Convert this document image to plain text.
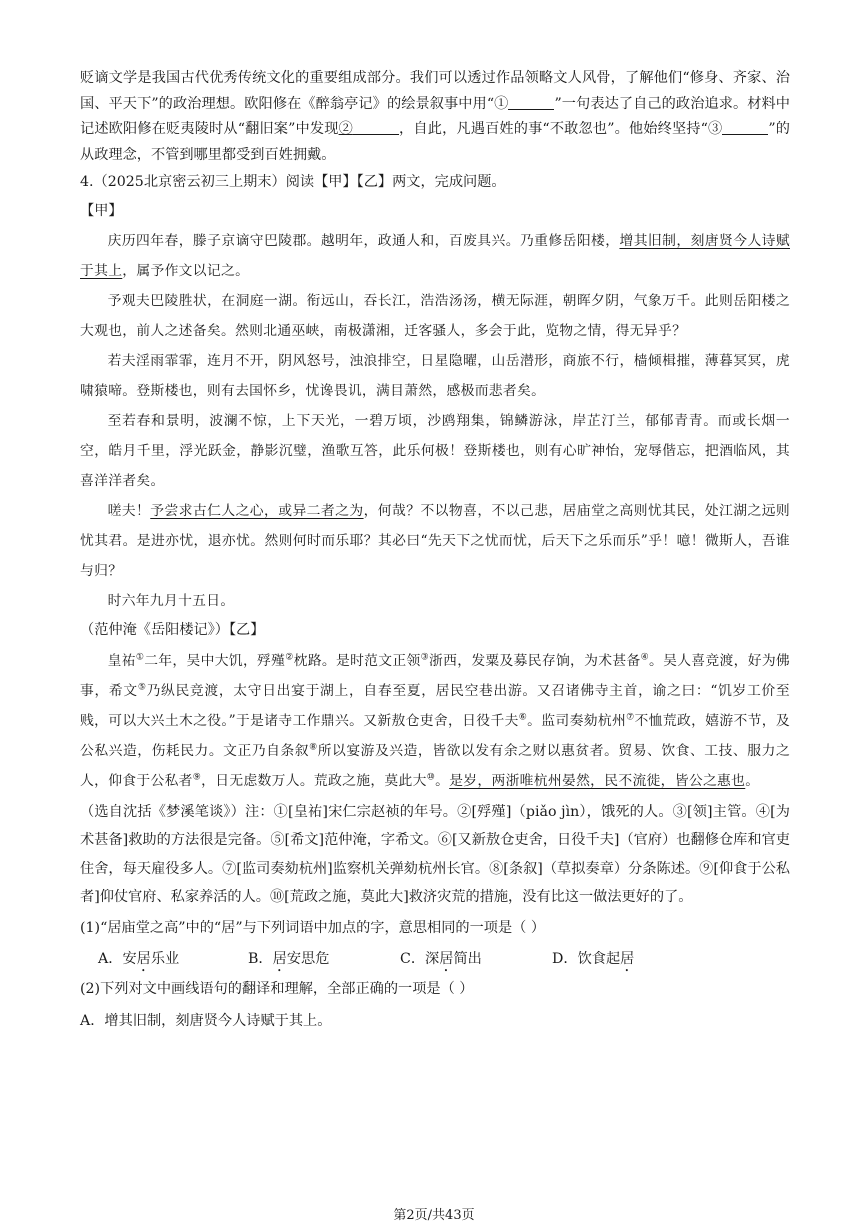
贬谪文学是我国古代优秀传统文化的重要组成部分。我们可以透过作品领略文人风骨，了解他们“修身、齐家、治国、平天下”的政治理想。欧阳修在《醉翁亭记》的绘景叙事中用“①	”一句表达了自己的政治追求。材料中记述欧阳修在贬夷陵时从“翻旧案”中发现②	，自此，凡遇百姓的事“不敢忽也”。他始终坚持“③	”的从政理念，不管到哪里都受到百姓拥戴。

4.（2025北京密云初三上期末）阅读【甲】【乙】两文，完成问题。

【甲】

庆历四年春，滕子京谪守巴陵郡。越明年，政通人和，百废具兴。乃重修岳阳楼，增其旧制，刻唐贤今人诗赋于其上，属予作文以记之。

予观夫巴陵胜状，在洞庭一湖。衔远山，吞长江，浩浩汤汤，横无际涯，朝晖夕阴，气象万千。此则岳阳楼之大观也，前人之述备矣。然则北通巫峡，南极潇湘，迁客骚人，多会于此，览物之情，得无异乎？

若夫淫雨霏霏，连月不开，阴风怒号，浊浪排空，日星隐曜，山岳潜形，商旅不行，樯倾楫摧，薄暮冥冥，虎啸猿啼。登斯楼也，则有去国怀乡，忧谗畏讥，满目萧然，感极而悲者矣。

至若春和景明，波澜不惊，上下天光，一碧万顷，沙鸥翔集，锦鳞游泳，岸芷汀兰，郁郁青青。而或长烟一空，皓月千里，浮光跃金，静影沉璧，渔歌互答，此乐何极！登斯楼也，则有心旷神怡，宠辱偕忘，把酒临风，其喜洋洋者矣。

嗟夫！予尝求古仁人之心，或异二者之为，何哉？不以物喜，不以己悲，居庙堂之高则忧其民，处江湖之远则忧其君。是进亦忧，退亦忧。然则何时而乐耶？其必曰“先天下之忧而忧，后天下之乐而乐”乎！噫！微斯人，吾谁与归？

时六年九月十五日。

（范仲淹《岳阳楼记》）【乙】

皇祐①二年，吴中大饥，殍殣②枕路。是时范文正领③浙西，发粟及募民存饷，为术甚备④。吴人喜竞渡，好为佛事，希文⑤乃纵民竞渡，太守日出宴于湖上，自春至夏，居民空巷出游。又召诸佛寺主首，谕之曰：“饥岁工价至贱，可以大兴土木之役。”于是诸寺工作鼎兴。又新敖仓吏舍，日役千夫⑥。监司奏劾杭州⑦不恤荒政，嬉游不节，及公私兴造，伤耗民力。文正乃自条叙⑧所以宴游及兴造，皆欲以发有余之财以惠贫者。贸易、饮食、工技、服力之人，仰食于公私者⑨，日无虑数万人。荒政之施，莫此大⑩。是岁，两浙唯杭州晏然，民不流徙，皆公之惠也。

（选自沈括《梦溪笔谈》）注：①[皇祐]宋仁宗赵祯的年号。②[殍殣]（piǎo jìn），饿死的人。③[领]主管。④[为术甚备]救助的方法很是完备。⑤[希文]范仲淹，字希文。⑥[又新敖仓吏舍，日役千夫]（官府）也翻修仓库和官吏住舍，每天雇役多人。⑦[监司奏劾杭州]监察机关弹劾杭州长官。⑧[条叙]（草拟奏章）分条陈述。⑨[仰食于公私者]仰仗官府、私家养活的人。⑩[荒政之施，莫此大]救济灾荒的措施，没有比这一做法更好的了。

(1)“居庙堂之高”中的“居”与下列词语中加点的字，意思相同的一项是（ ）

A．安居乐业	B．居安思危	C．深居简出	D．饮食起居

(2)下列对文中画线语句的翻译和理解，全部正确的一项是（ ）

A．增其旧制，刻唐贤今人诗赋于其上。

第2页/共43页
